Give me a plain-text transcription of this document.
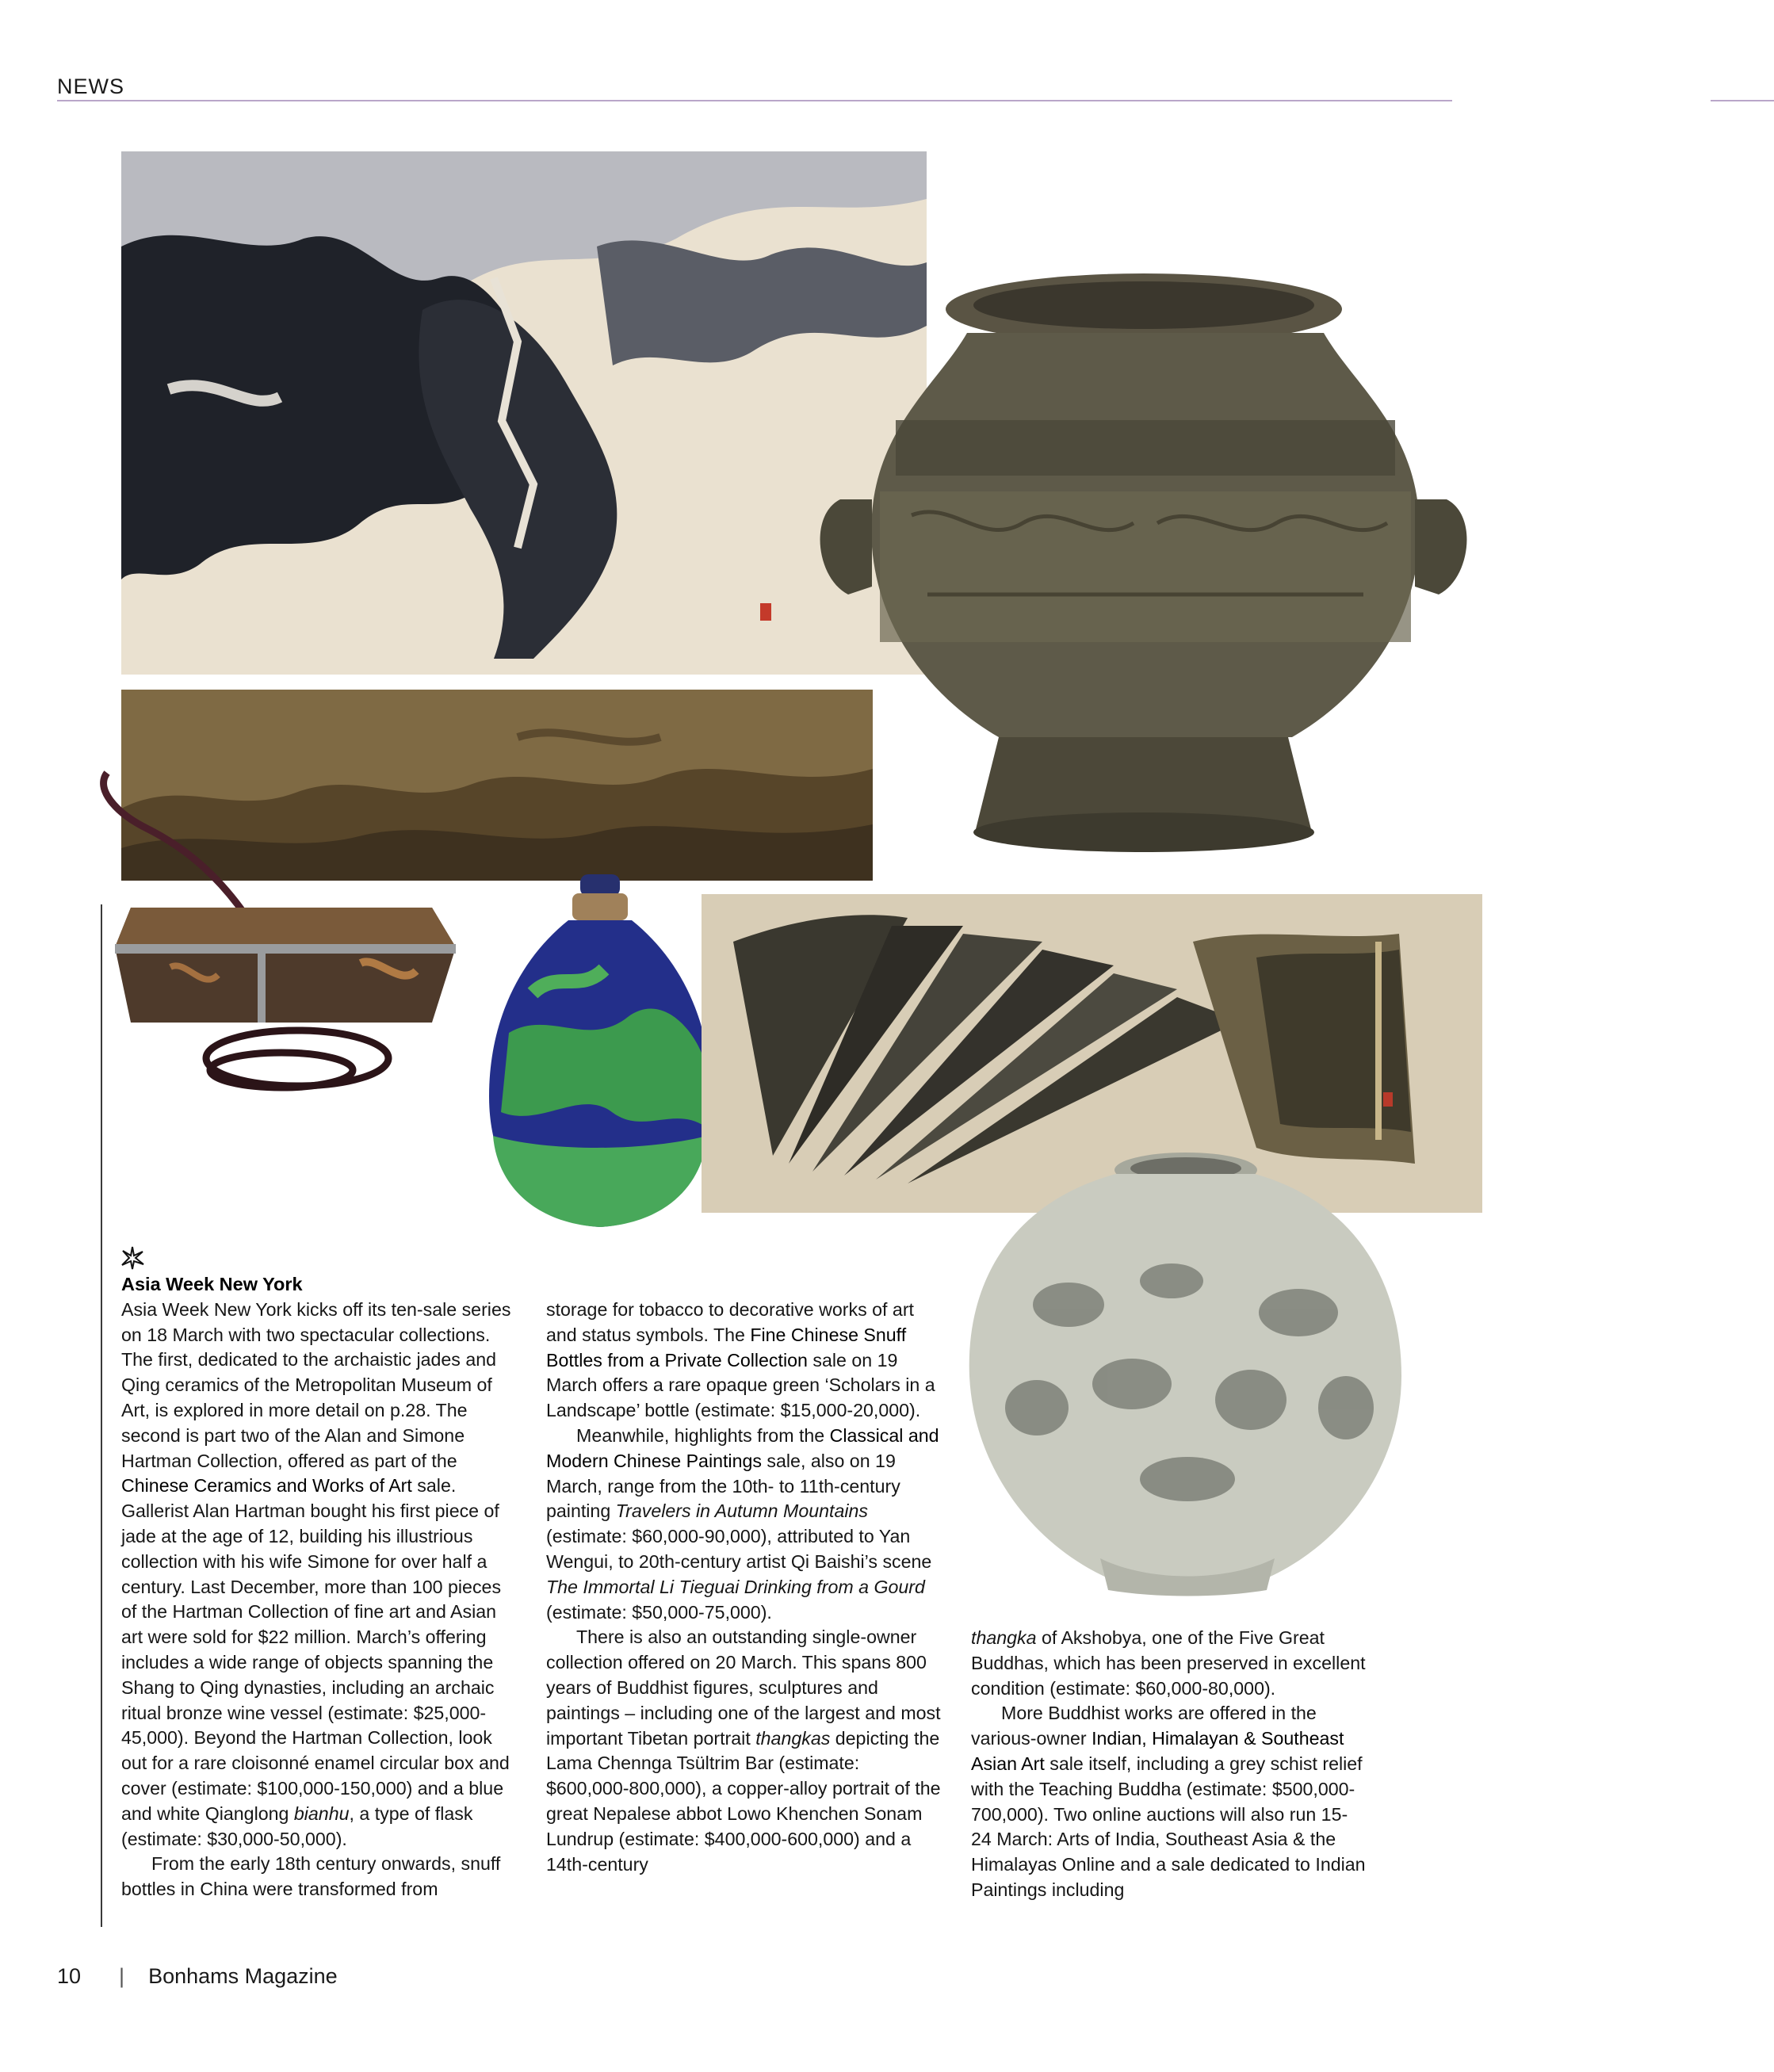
NEWS
Asia Week New York

Asia Week New York kicks off its ten-sale series on 18 March with two spectacular collections. The first, dedicated to the archaistic jades and Qing ceramics of the Metropolitan Museum of Art, is explored in more detail on p.28. The second is part two of the Alan and Simone Hartman Collection, offered as part of the Chinese Ceramics and Works of Art sale. Gallerist Alan Hartman bought his first piece of jade at the age of 12, building his illustrious collection with his wife Simone for over half a century. Last December, more than 100 pieces of the Hartman Collection of fine art and Asian art were sold for $22 million. March’s offering includes a wide range of objects spanning the Shang to Qing dynasties, including an archaic ritual bronze wine vessel (estimate: $25,000-45,000). Beyond the Hartman Collection, look out for a rare cloisonné enamel circular box and cover (estimate: $100,000-150,000) and a blue and white Qianglong bianhu, a type of flask (estimate: $30,000-50,000).

From the early 18th century onwards, snuff bottles in China were transformed from

storage for tobacco to decorative works of art and status symbols. The Fine Chinese Snuff Bottles from a Private Collection sale on 19 March offers a rare opaque green ‘Scholars in a Landscape’ bottle (estimate: $15,000-20,000).

Meanwhile, highlights from the Classical and Modern Chinese Paintings sale, also on 19 March, range from the 10th- to 11th-century painting Travelers in Autumn Mountains (estimate: $60,000-90,000), attributed to Yan Wengui, to 20th-century artist Qi Baishi’s scene The Immortal Li Tieguai Drinking from a Gourd (estimate: $50,000-75,000).

There is also an outstanding single-owner collection offered on 20 March. This spans 800 years of Buddhist figures, sculptures and paintings – including one of the largest and most important Tibetan portrait thangkas depicting the Lama Chennga Tsültrim Bar (estimate: $600,000-800,000), a copper-alloy portrait of the great Nepalese abbot Lowo Khenchen Sonam Lundrup (estimate: $400,000-600,000) and a 14th-century

thangka of Akshobya, one of the Five Great Buddhas, which has been preserved in excellent condition (estimate: $60,000-80,000).

More Buddhist works are offered in the various-owner Indian, Himalayan & Southeast Asian Art sale itself, including a grey schist relief with the Teaching Buddha (estimate: $500,000-700,000). Two online auctions will also run 15-24 March: Arts of India, Southeast Asia & the Himalayas Online and a sale dedicated to Indian Paintings including

10 | Bonhams Magazine
